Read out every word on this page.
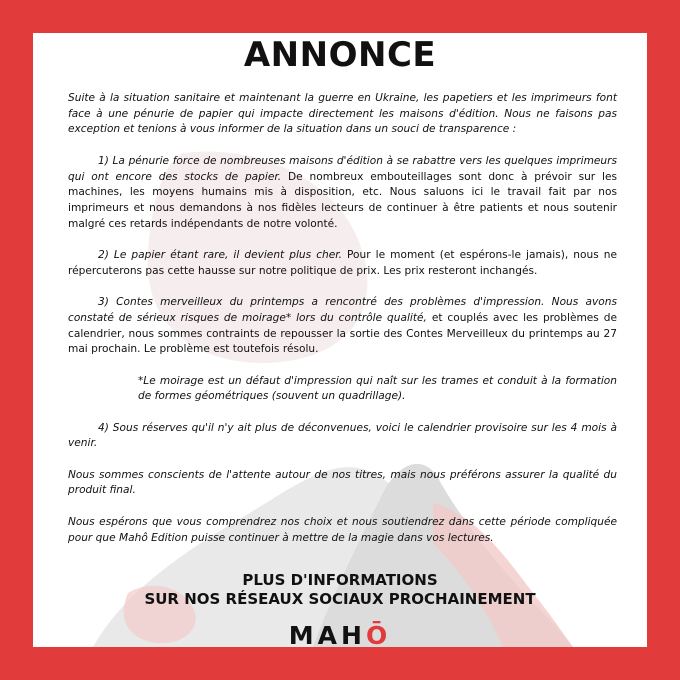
ANNONCE

Suite à la situation sanitaire et maintenant la guerre en Ukraine, les papetiers et les imprimeurs font face à une pénurie de papier qui impacte directement les maisons d'édition. Nous ne faisons pas exception et tenions à vous informer de la situation dans un souci de transparence :

1) La pénurie force de nombreuses maisons d'édition à se rabattre vers les quelques imprimeurs qui ont encore des stocks de papier. De nombreux embouteillages sont donc à prévoir sur les machines, les moyens humains mis à disposition, etc. Nous saluons ici le travail fait par nos imprimeurs et nous demandons à nos fidèles lecteurs de continuer à être patients et nous soutenir malgré ces retards indépendants de notre volonté.

2) Le papier étant rare, il devient plus cher. Pour le moment (et espérons-le jamais), nous ne répercuterons pas cette hausse sur notre politique de prix. Les prix resteront inchangés.

3) Contes merveilleux du printemps a rencontré des problèmes d'impression. Nous avons constaté de sérieux risques de moirage* lors du contrôle qualité, et couplés avec les problèmes de calendrier, nous sommes contraints de repousser la sortie des Contes Merveilleux du printemps au 27 mai prochain. Le problème est toutefois résolu.

*Le moirage est un défaut d'impression qui naît sur les trames et conduit à la formation de formes géométriques (souvent un quadrillage).

4) Sous réserves qu'il n'y ait plus de déconvenues, voici le calendrier provisoire sur les 4 mois à venir.

Nous sommes conscients de l'attente autour de nos titres, mais nous préférons assurer la qualité du produit final.

Nous espérons que vous comprendrez nos choix et nous soutiendrez dans cette période compliquée pour que Mahô Edition puisse continuer à mettre de la magie dans vos lectures.

PLUS D'INFORMATIONS
SUR NOS RÉSEAUX SOCIAUX PROCHAINEMENT
MAHŌ
